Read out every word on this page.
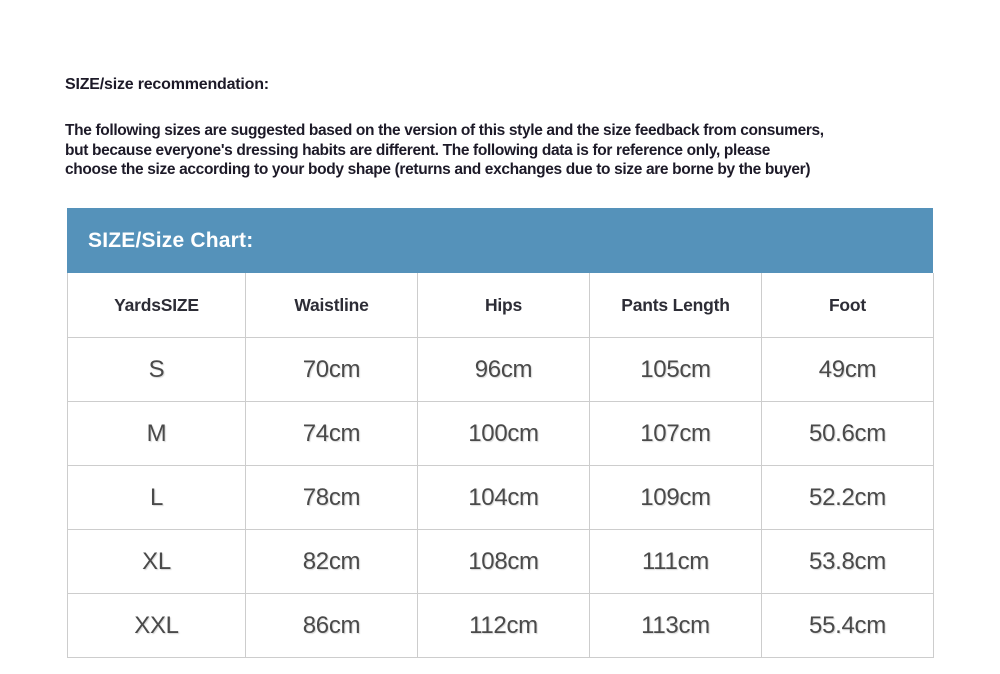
SIZE/size recommendation:
The following sizes are suggested based on the version of this style and the size feedback from consumers,
but because everyone's dressing habits are different. The following data is for reference only, please
choose the size according to your body shape (returns and exchanges due to size are borne by the buyer)
SIZE/Size Chart:
YardsSIZE	Waistline	Hips	Pants Length	Foot
S	70cm	96cm	105cm	49cm
M	74cm	100cm	107cm	50.6cm
L	78cm	104cm	109cm	52.2cm
XL	82cm	108cm	111cm	53.8cm
XXL	86cm	112cm	113cm	55.4cm
